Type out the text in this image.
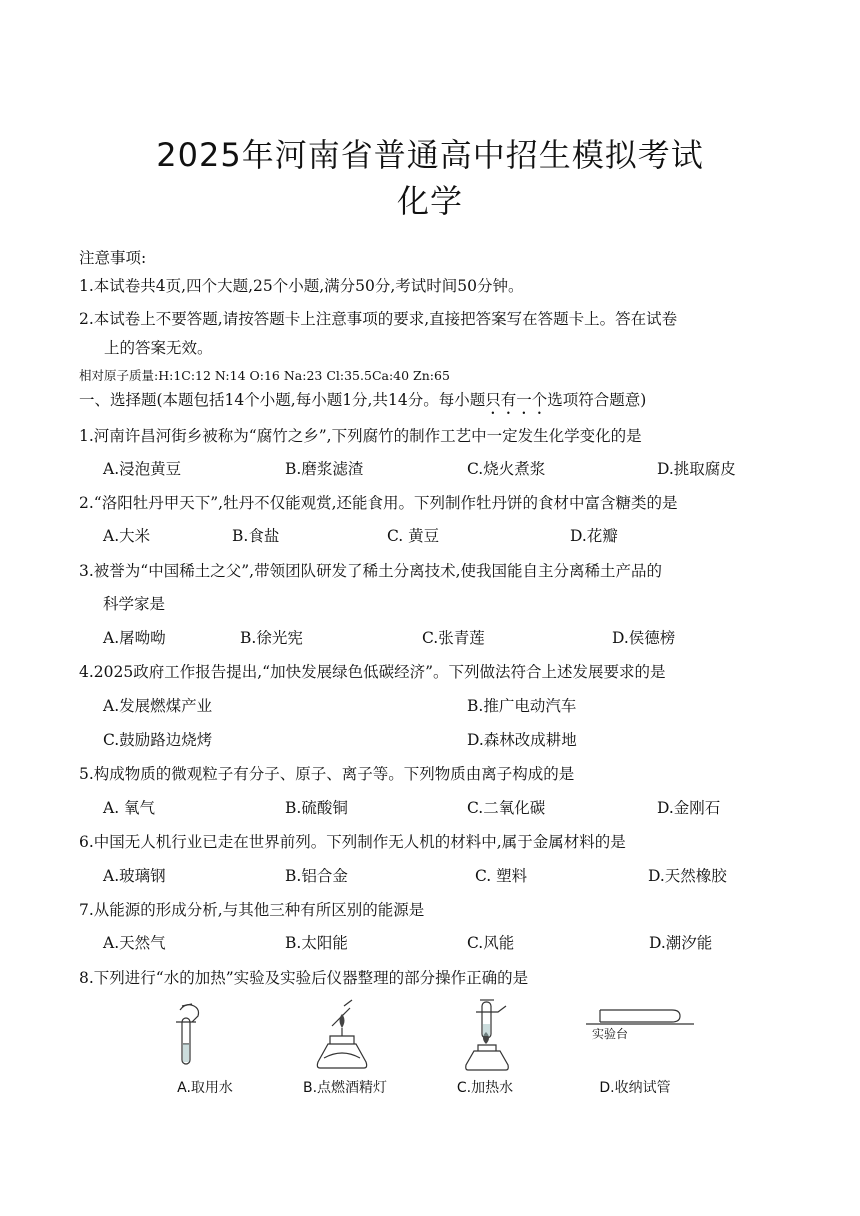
2025年河南省普通高中招生模拟考试
化学
注意事项:
1.本试卷共4页,四个大题,25个小题,满分50分,考试时间50分钟。
2.本试卷上不要答题,请按答题卡上注意事项的要求,直接把答案写在答题卡上。答在试卷
上的答案无效。
相对原子质量:H:1C:12 N:14 O:16 Na:23 Cl:35.5Ca:40 Zn:65
一、选择题(本题包括14个小题,每小题1分,共14分。每小题只有一个选项符合题意)
1.河南许昌河街乡被称为“腐竹之乡”,下列腐竹的制作工艺中一定发生化学变化的是
A.浸泡黄豆	B.磨浆滤渣	C.烧火煮浆	D.挑取腐皮
2.“洛阳牡丹甲天下”,牡丹不仅能观赏,还能食用。下列制作牡丹饼的食材中富含糖类的是
A.大米	B.食盐	C. 黄豆	D.花瓣
3.被誉为“中国稀土之父”,带领团队研发了稀土分离技术,使我国能自主分离稀土产品的
科学家是
A.屠呦呦	B.徐光宪	C.张青莲	D.侯德榜
4.2025政府工作报告提出,“加快发展绿色低碳经济”。下列做法符合上述发展要求的是
A.发展燃煤产业	B.推广电动汽车
C.鼓励路边烧烤	D.森林改成耕地
5.构成物质的微观粒子有分子、原子、离子等。下列物质由离子构成的是
A. 氧气	B.硫酸铜	C.二氧化碳	D.金刚石
6.中国无人机行业已走在世界前列。下列制作无人机的材料中,属于金属材料的是
A.玻璃钢	B.铝合金	C. 塑料	D.天然橡胶
7.从能源的形成分析,与其他三种有所区别的能源是
A.天然气	B.太阳能	C.风能	D.潮汐能
8.下列进行“水的加热”实验及实验后仪器整理的部分操作正确的是
A.取用水	B.点燃酒精灯	C.加热水	D.收纳试管
实验台
